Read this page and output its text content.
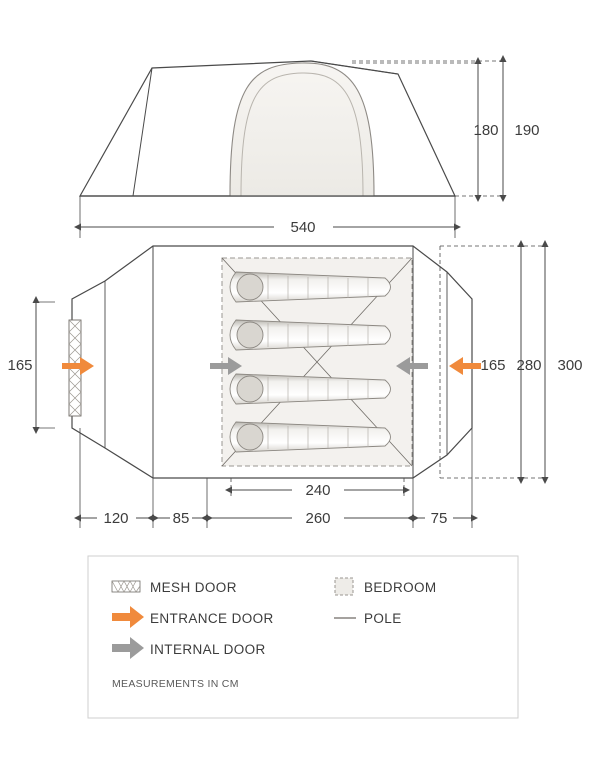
180 190
540
165	165 280 300
240
260
120	85	75
MESH DOOR	BEDROOM
ENTRANCE DOOR	POLE
INTERNAL DOOR
MEASUREMENTS IN CM
